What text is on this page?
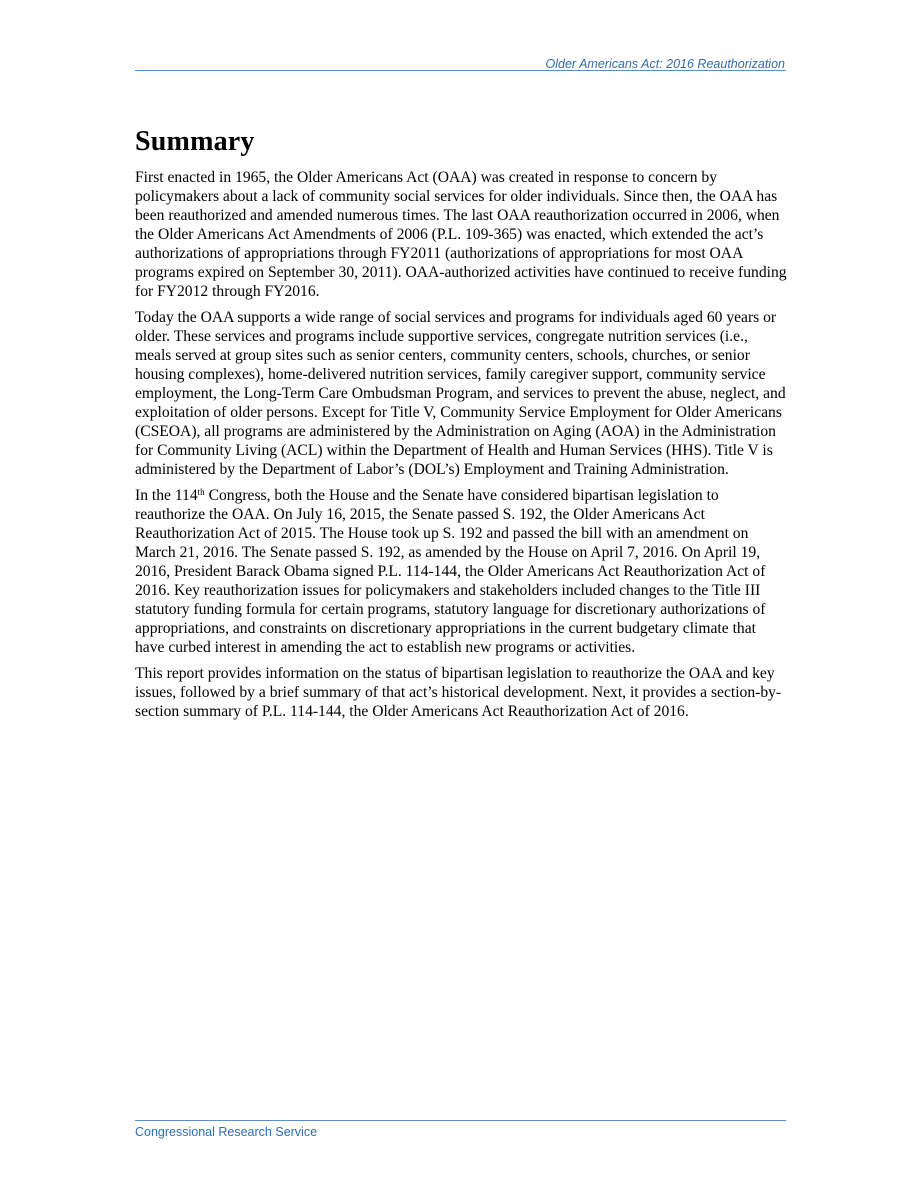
Older Americans Act: 2016 Reauthorization
Summary

First enacted in 1965, the Older Americans Act (OAA) was created in response to concern by policymakers about a lack of community social services for older individuals. Since then, the OAA has been reauthorized and amended numerous times. The last OAA reauthorization occurred in 2006, when the Older Americans Act Amendments of 2006 (P.L. 109-365) was enacted, which extended the act’s authorizations of appropriations through FY2011 (authorizations of appropriations for most OAA programs expired on September 30, 2011). OAA-authorized activities have continued to receive funding for FY2012 through FY2016.

Today the OAA supports a wide range of social services and programs for individuals aged 60 years or older. These services and programs include supportive services, congregate nutrition services (i.e., meals served at group sites such as senior centers, community centers, schools, churches, or senior housing complexes), home-delivered nutrition services, family caregiver support, community service employment, the Long-Term Care Ombudsman Program, and services to prevent the abuse, neglect, and exploitation of older persons. Except for Title V, Community Service Employment for Older Americans (CSEOA), all programs are administered by the Administration on Aging (AOA) in the Administration for Community Living (ACL) within the Department of Health and Human Services (HHS). Title V is administered by the Department of Labor’s (DOL’s) Employment and Training Administration.

In the 114th Congress, both the House and the Senate have considered bipartisan legislation to reauthorize the OAA. On July 16, 2015, the Senate passed S. 192, the Older Americans Act Reauthorization Act of 2015. The House took up S. 192 and passed the bill with an amendment on March 21, 2016. The Senate passed S. 192, as amended by the House on April 7, 2016. On April 19, 2016, President Barack Obama signed P.L. 114-144, the Older Americans Act Reauthorization Act of 2016. Key reauthorization issues for policymakers and stakeholders included changes to the Title III statutory funding formula for certain programs, statutory language for discretionary authorizations of appropriations, and constraints on discretionary appropriations in the current budgetary climate that have curbed interest in amending the act to establish new programs or activities.

This report provides information on the status of bipartisan legislation to reauthorize the OAA and key issues, followed by a brief summary of that act’s historical development. Next, it provides a section-by-section summary of P.L. 114-144, the Older Americans Act Reauthorization Act of 2016.

Congressional Research Service
